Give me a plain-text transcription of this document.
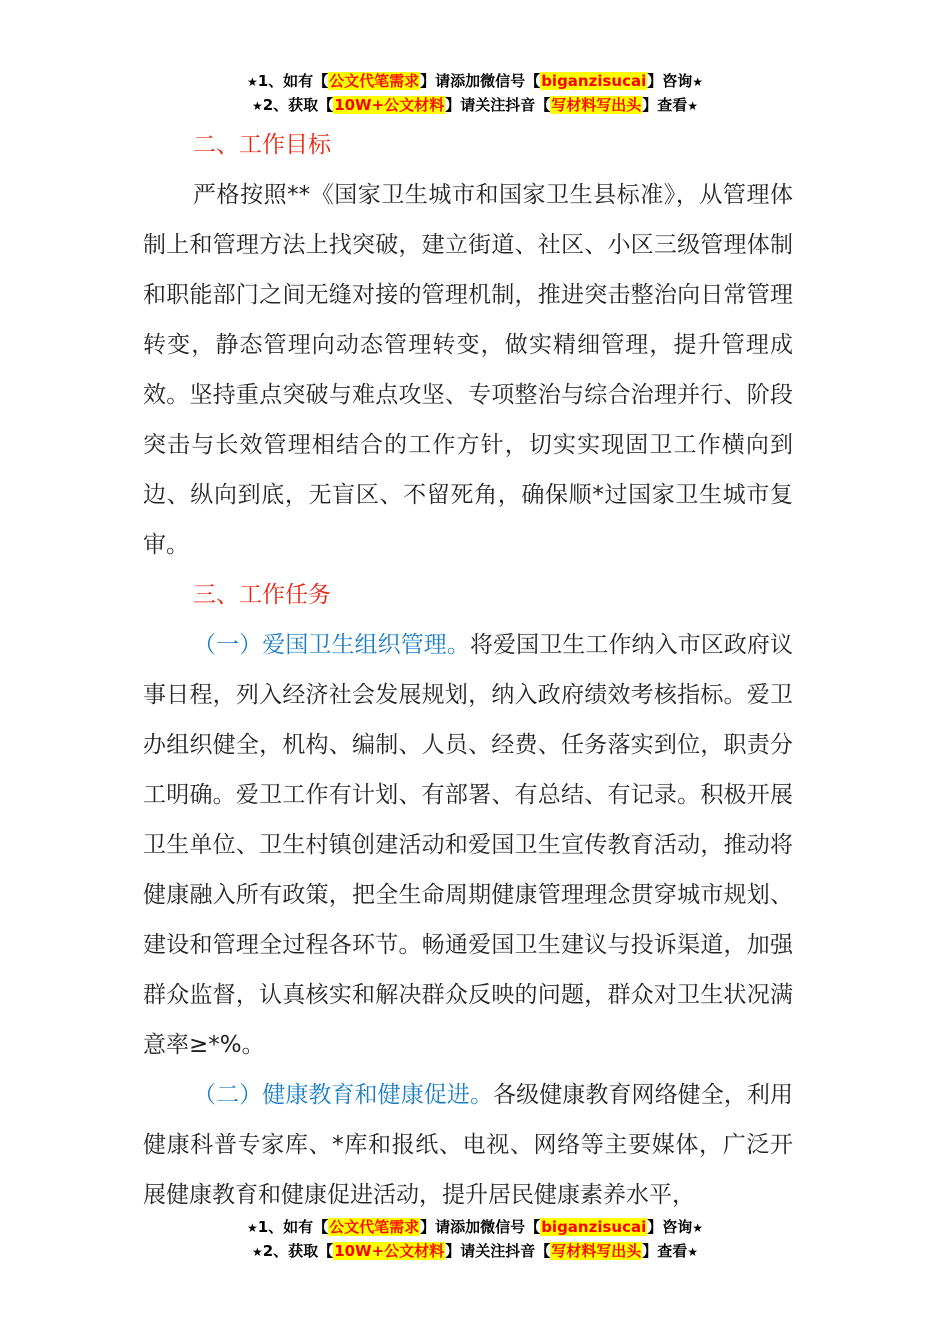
★1、如有【公文代笔需求】请添加微信号【biganzisucai】咨询★
★2、获取【10W+公文材料】请关注抖音【写材料写出头】查看★

二、工作目标

严格按照**《国家卫生城市和国家卫生县标准》，从管理体制上和管理方法上找突破，建立街道、社区、小区三级管理体制和职能部门之间无缝对接的管理机制，推进突击整治向日常管理转变，静态管理向动态管理转变，做实精细管理，提升管理成效。坚持重点突破与难点攻坚、专项整治与综合治理并行、阶段突击与长效管理相结合的工作方针，切实实现固卫工作横向到边、纵向到底，无盲区、不留死角，确保顺*过国家卫生城市复审。

三、工作任务

（一）爱国卫生组织管理。将爱国卫生工作纳入市区政府议事日程，列入经济社会发展规划，纳入政府绩效考核指标。爱卫办组织健全，机构、编制、人员、经费、任务落实到位，职责分工明确。爱卫工作有计划、有部署、有总结、有记录。积极开展卫生单位、卫生村镇创建活动和爱国卫生宣传教育活动，推动将健康融入所有政策，把全生命周期健康管理理念贯穿城市规划、建设和管理全过程各环节。畅通爱国卫生建议与投诉渠道，加强群众监督，认真核实和解决群众反映的问题，群众对卫生状况满意率≥*%。

（二）健康教育和健康促进。各级健康教育网络健全，利用健康科普专家库、*库和报纸、电视、网络等主要媒体，广泛开展健康教育和健康促进活动，提升居民健康素养水平，

★1、如有【公文代笔需求】请添加微信号【biganzisucai】咨询★
★2、获取【10W+公文材料】请关注抖音【写材料写出头】查看★
